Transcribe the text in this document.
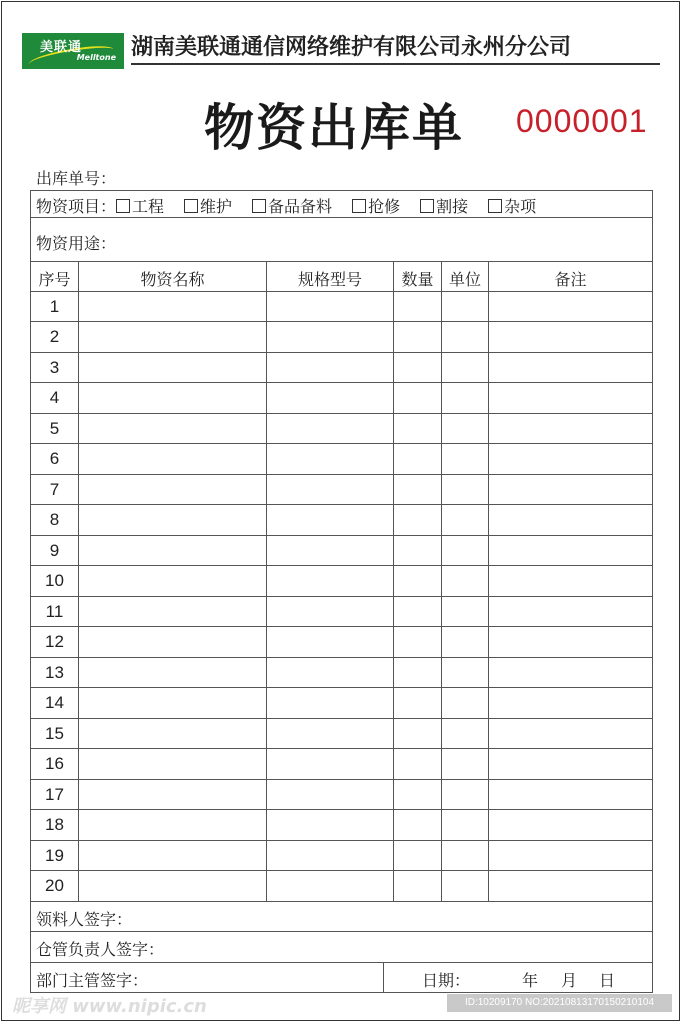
美联通
Melltone 湖南美联通通信网络维护有限公司永州分公司
物资出库单 0000001
出库单号：
物资项目： 工程 维护 备品备料 抢修 割接 杂项
物资用途：
序号	物资名称	规格型号	数量 单位	备注
1
2
3
4
5
6
7
8
9
10
11
12
13
14
15
16
17
18
19
20
领料人签字：
仓管负责人签字：
部门主管签字：	日期：	年 月 日
昵享网 www.nipic.cn	ID:10209170 NO:20210813170150210104
